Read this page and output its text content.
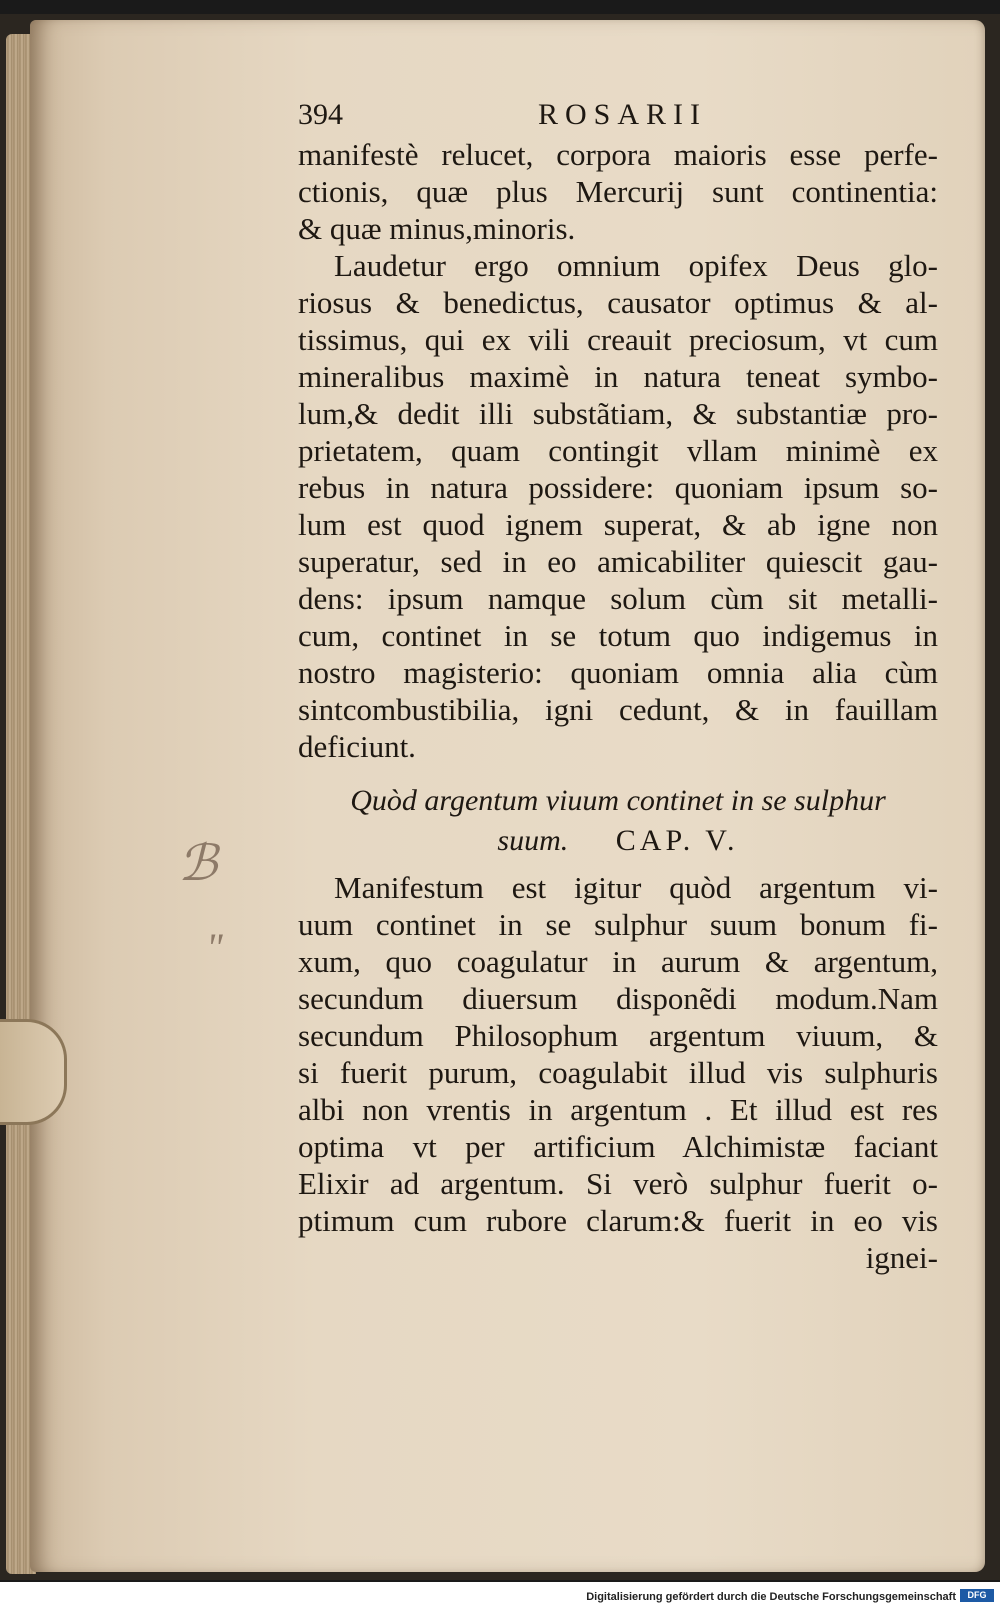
ℬ
"
394	ROSARII
manifestè relucet, corpora maioris esse perfe-
ctionis, quæ plus Mercurij sunt continentia:
& quæ minus,minoris.
Laudetur ergo omnium opifex Deus glo-
riosus & benedictus, causator optimus & al-
tissimus, qui ex vili creauit preciosum, vt cum
mineralibus maximè in natura teneat symbo-
lum,& dedit illi substãtiam, & substantiæ pro-
prietatem, quam contingit vllam minimè ex
rebus in natura possidere: quoniam ipsum so-
lum est quod ignem superat, & ab igne non
superatur, sed in eo amicabiliter quiescit gau-
dens: ipsum namque solum cùm sit metalli-
cum, continet in se totum quo indigemus in
nostro magisterio: quoniam omnia alia cùm
sintcombustibilia, igni cedunt, & in fauillam
deficiunt.
Quòd argentum viuum continet in se sulphur
suum. CAP. V.
Manifestum est igitur quòd argentum vi-
uum continet in se sulphur suum bonum fi-
xum, quo coagulatur in aurum & argentum,
secundum diuersum disponẽdi modum.Nam
secundum Philosophum argentum viuum, &
si fuerit purum, coagulabit illud vis sulphuris
albi non vrentis in argentum . Et illud est res
optima vt per artificium Alchimistæ faciant
Elixir ad argentum. Si verò sulphur fuerit o-
ptimum cum rubore clarum:& fuerit in eo vis
ignei-
Digitalisierung gefördert durch die Deutsche Forschungsgemeinschaft	DFG
